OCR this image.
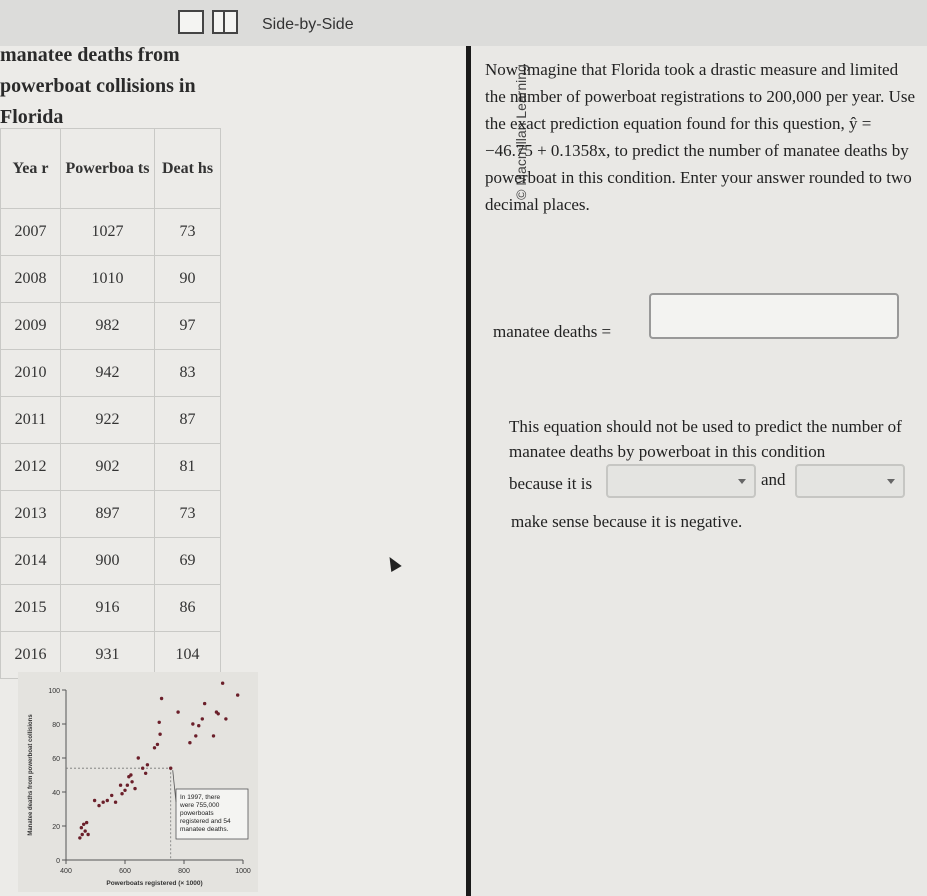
Side-by-Side
manatee deaths from powerboat collisions in Florida
Yea r	Powerboa ts	Deat hs
2007	1027	73
2008	1010	90
2009	982	97
2010	942	83
2011	922	87
2012	902	81
2013	897	73
2014	900	69
2015	916	86
2016	931	104
0
20
40
60
80
100
400	600	800	1000
Powerboats registered (× 1000)
Manatee deaths from powerboat collisions	In 1997, there
were 755,000
powerboats
registered and 54
manatee deaths.
© Macmillan Learning
Now imagine that Florida took a drastic measure and limited the number of powerboat registrations to 200,000 per year. Use the exact prediction equation found for this question, ŷ = −46.75 + 0.1358x, to predict the number of manatee deaths by powerboat in this condition. Enter your answer rounded to two decimal places.
manatee deaths =
This equation should not be used to predict the number of manatee deaths by powerboat in this condition
because it is	and
make sense because it is negative.
